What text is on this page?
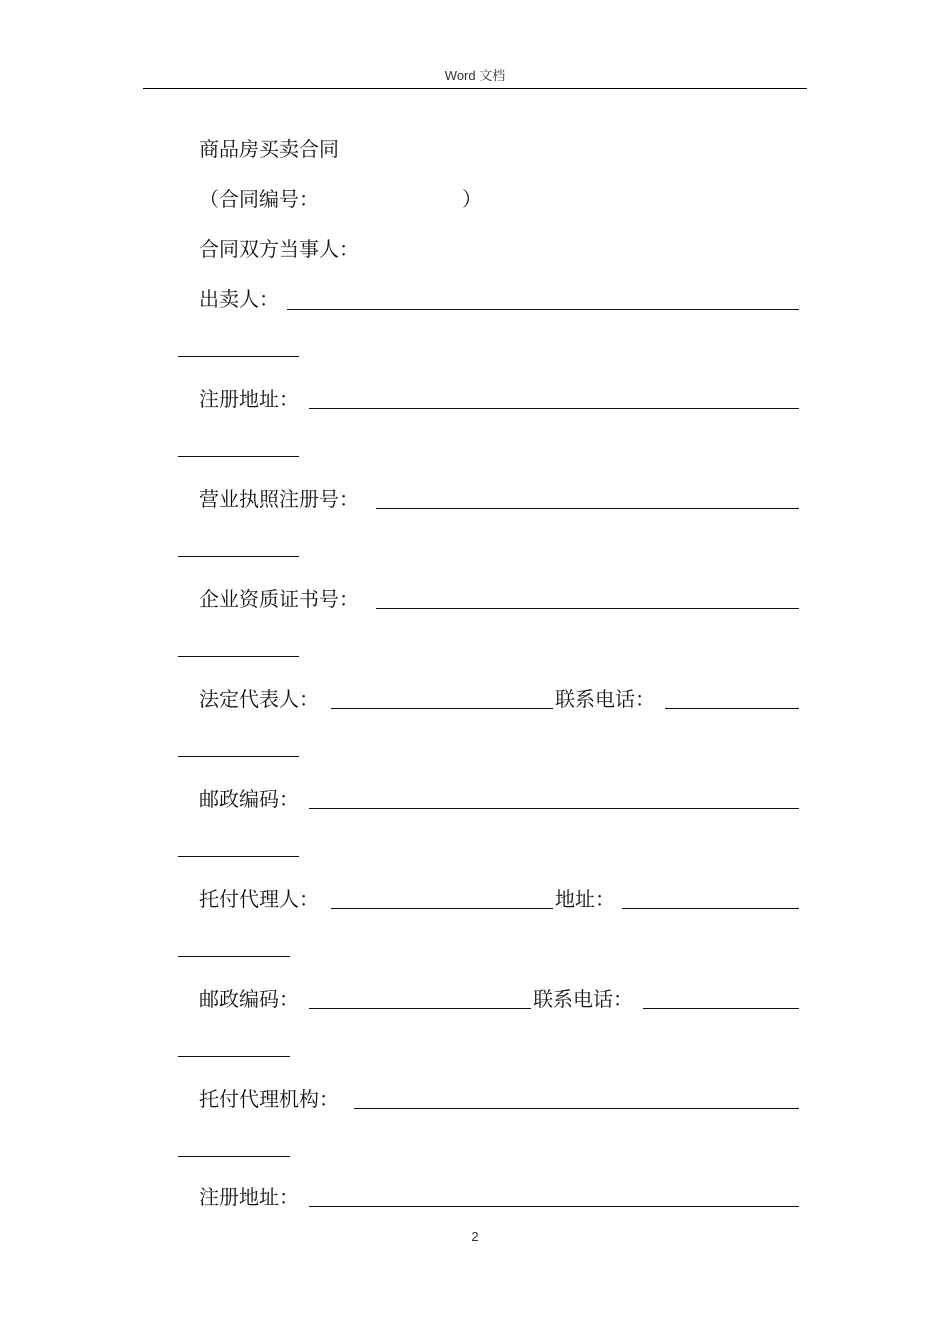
Word 文档
商品房买卖合同
（合同编号：	）
合同双方当事人：
出卖人：
注册地址：
营业执照注册号：
企业资质证书号：
法定代表人：	联系电话：
邮政编码：
托付代理人：	地址：
邮政编码：	联系电话：
托付代理机构：
注册地址：
2
